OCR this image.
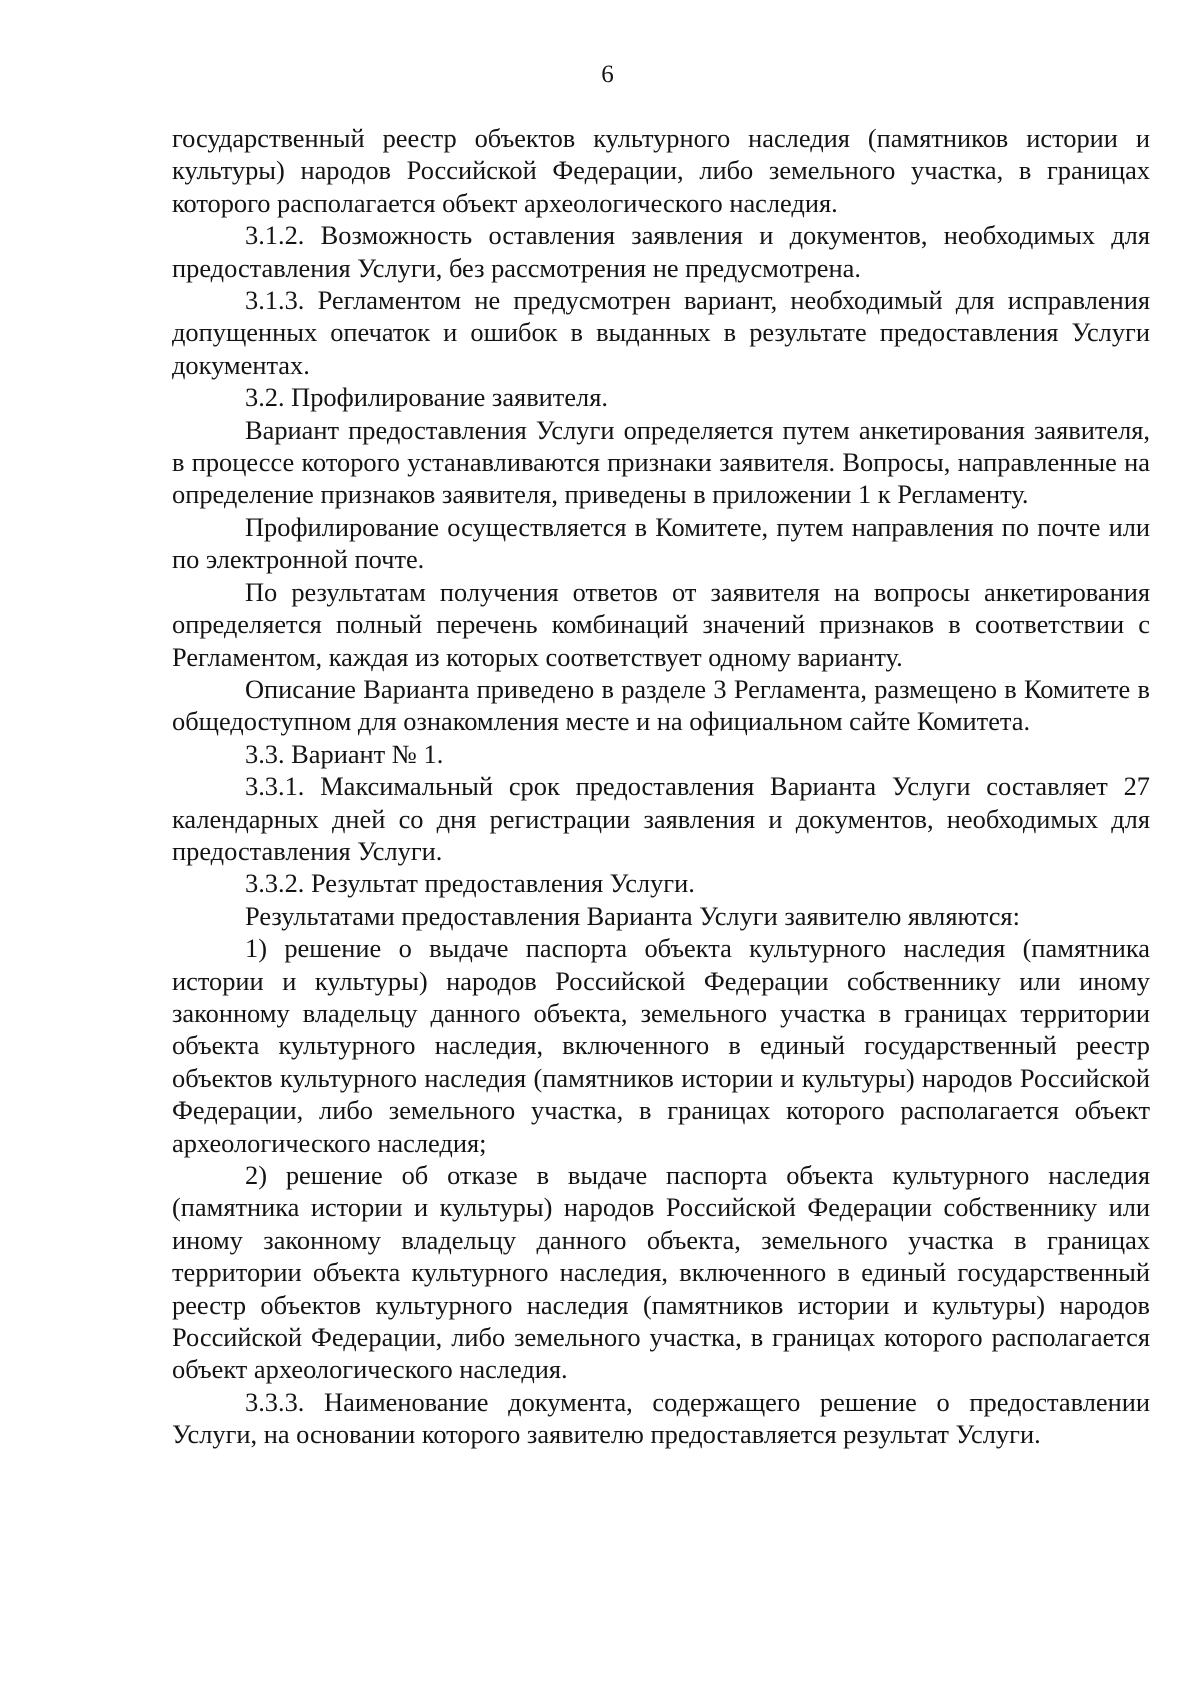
6

государственный реестр объектов культурного наследия (памятников истории и культуры) народов Российской Федерации, либо земельного участка, в границах которого располагается объект археологического наследия.

3.1.2. Возможность оставления заявления и документов, необходимых для предоставления Услуги, без рассмотрения не предусмотрена.

3.1.3. Регламентом не предусмотрен вариант, необходимый для исправления допущенных опечаток и ошибок в выданных в результате предоставления Услуги документах.

3.2. Профилирование заявителя.

Вариант предоставления Услуги определяется путем анкетирования заявителя, в процессе которого устанавливаются признаки заявителя. Вопросы, направленные на определение признаков заявителя, приведены в приложении 1 к Регламенту.

Профилирование осуществляется в Комитете, путем направления по почте или по электронной почте.

По результатам получения ответов от заявителя на вопросы анкетирования определяется полный перечень комбинаций значений признаков в соответствии с Регламентом, каждая из которых соответствует одному варианту.

Описание Варианта приведено в разделе 3 Регламента, размещено в Комитете в общедоступном для ознакомления месте и на официальном сайте Комитета.

3.3. Вариант № 1.

3.3.1. Максимальный срок предоставления Варианта Услуги составляет 27 календарных дней со дня регистрации заявления и документов, необходимых для предоставления Услуги.

3.3.2. Результат предоставления Услуги.

Результатами предоставления Варианта Услуги заявителю являются:

1) решение о выдаче паспорта объекта культурного наследия (памятника истории и культуры) народов Российской Федерации собственнику или иному законному владельцу данного объекта, земельного участка в границах территории объекта культурного наследия, включенного в единый государственный реестр объектов культурного наследия (памятников истории и культуры) народов Российской Федерации, либо земельного участка, в границах которого располагается объект археологического наследия;

2) решение об отказе в выдаче паспорта объекта культурного наследия (памятника истории и культуры) народов Российской Федерации собственнику или иному законному владельцу данного объекта, земельного участка в границах территории объекта культурного наследия, включенного в единый государственный реестр объектов культурного наследия (памятников истории и культуры) народов Российской Федерации, либо земельного участка, в границах которого располагается объект археологического наследия.

3.3.3. Наименование документа, содержащего решение о предоставлении Услуги, на основании которого заявителю предоставляется результат Услуги.
